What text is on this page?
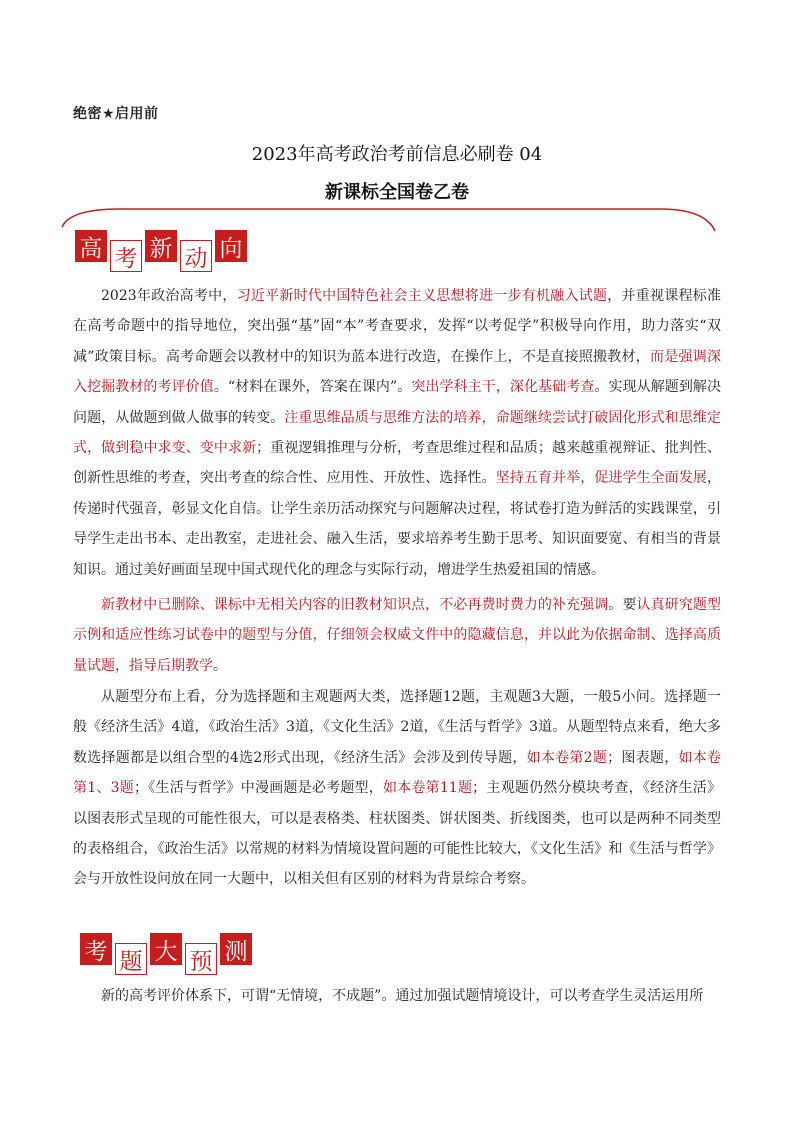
绝密★启用前
2023年高考政治考前信息必刷卷 04
新课标全国卷乙卷
高 考 新 动 向

2023年政治高考中，习近平新时代中国特色社会主义思想将进一步有机融入试题，并重视课程标准在高考命题中的指导地位，突出强“基”固“本”考查要求，发挥“以考促学”积极导向作用，助力落实“双减”政策目标。高考命题会以教材中的知识为蓝本进行改造，在操作上，不是直接照搬教材，而是强调深入挖掘教材的考评价值。“材料在课外，答案在课内”。突出学科主干，深化基础考查。实现从解题到解决问题，从做题到做人做事的转变。注重思维品质与思维方法的培养，命题继续尝试打破固化形式和思维定式，做到稳中求变、变中求新；重视逻辑推理与分析，考查思维过程和品质；越来越重视辩证、批判性、创新性思维的考查，突出考查的综合性、应用性、开放性、选择性。坚持五育并举，促进学生全面发展，传递时代强音，彰显文化自信。让学生亲历活动探究与问题解决过程，将试卷打造为鲜活的实践课堂，引导学生走出书本、走出教室，走进社会、融入生活，要求培养考生勤于思考、知识面要宽、有相当的背景知识。通过美好画面呈现中国式现代化的理念与实际行动，增进学生热爱祖国的情感。

新教材中已删除、课标中无相关内容的旧教材知识点，不必再费时费力的补充强调。要认真研究题型示例和适应性练习试卷中的题型与分值，仔细领会权威文件中的隐藏信息，并以此为依据命制、选择高质量试题，指导后期教学。

从题型分布上看，分为选择题和主观题两大类，选择题12题，主观题3大题，一般5小问。选择题一般《经济生活》4道，《政治生活》3道，《文化生活》2道，《生活与哲学》3道。从题型特点来看，绝大多数选择题都是以组合型的4选2形式出现，《经济生活》会涉及到传导题，如本卷第2题；图表题，如本卷第1、3题；《生活与哲学》中漫画题是必考题型，如本卷第11题；主观题仍然分模块考查，《经济生活》以图表形式呈现的可能性很大，可以是表格类、柱状图类、饼状图类、折线图类，也可以是两种不同类型的表格组合，《政治生活》以常规的材料为情境设置问题的可能性比较大，《文化生活》和《生活与哲学》会与开放性设问放在同一大题中，以相关但有区别的材料为背景综合考察。

考 题 大 预 测

新的高考评价体系下，可谓“无情境，不成题”。通过加强试题情境设计，可以考查学生灵活运用所
